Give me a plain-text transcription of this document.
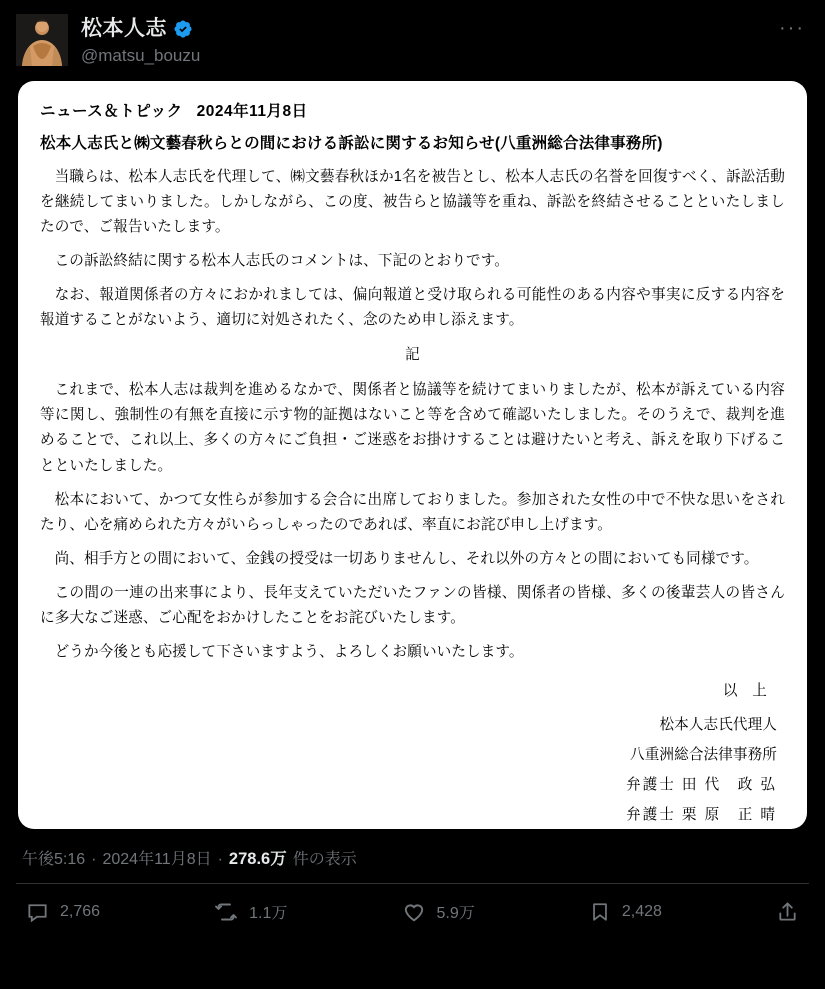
松本人志
@matsu_bouzu
···
ニュース＆トピック 2024年11月8日
松本人志氏と㈱文藝春秋らとの間における訴訟に関するお知らせ(八重洲総合法律事務所)

当職らは、松本人志氏を代理して、㈱文藝春秋ほか1名を被告とし、松本人志氏の名誉を回復すべく、訴訟活動を継続してまいりました。しかしながら、この度、被告らと協議等を重ね、訴訟を終結させることといたしましたので、ご報告いたします。

この訴訟終結に関する松本人志氏のコメントは、下記のとおりです。

なお、報道関係者の方々におかれましては、偏向報道と受け取られる可能性のある内容や事実に反する内容を報道することがないよう、適切に対処されたく、念のため申し添えます。

記

これまで、松本人志は裁判を進めるなかで、関係者と協議等を続けてまいりましたが、松本が訴えている内容等に関し、強制性の有無を直接に示す物的証拠はないこと等を含めて確認いたしました。そのうえで、裁判を進めることで、これ以上、多くの方々にご負担・ご迷惑をお掛けすることは避けたいと考え、訴えを取り下げることといたしました。

松本において、かつて女性らが参加する会合に出席しておりました。参加された女性の中で不快な思いをされたり、心を痛められた方々がいらっしゃったのであれば、率直にお詫び申し上げます。

尚、相手方との間において、金銭の授受は一切ありませんし、それ以外の方々との間においても同様です。

この間の一連の出来事により、長年支えていただいたファンの皆様、関係者の皆様、多くの後輩芸人の皆さんに多大なご迷惑、ご心配をおかけしたことをお詫びいたします。

どうか今後とも応援して下さいますよう、よろしくお願いいたします。

以　上

松本人志氏代理人

八重洲総合法律事務所

弁護士 田 代　政 弘

弁護士 栗 原　正 晴

弁護士 桶 谷　侑 平

午後5:16 · 2024年11月8日 · 278.6万 件の表示
2,766	1.1万	5.9万	2,428
